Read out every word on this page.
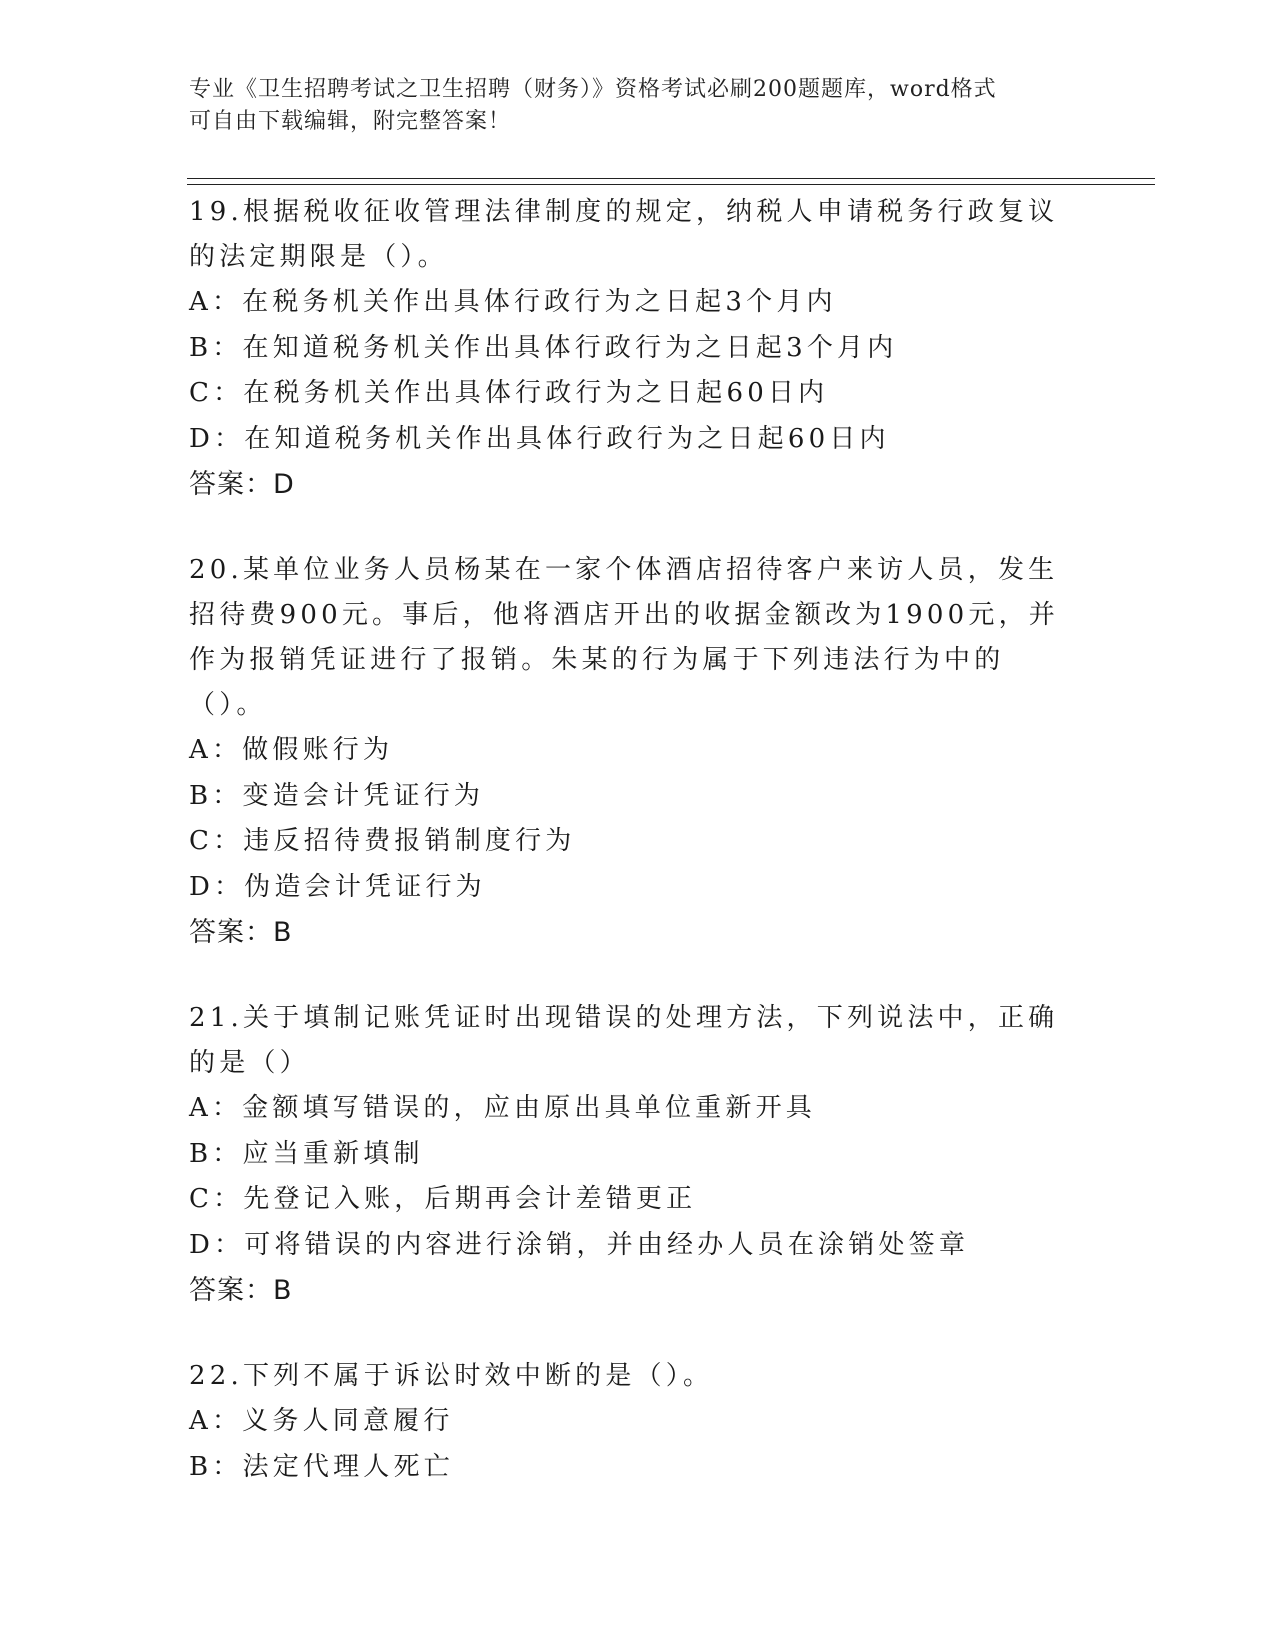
专业《卫生招聘考试之卫生招聘（财务）》资格考试必刷200题题库，word格式
可自由下载编辑，附完整答案！

19.根据税收征收管理法律制度的规定，纳税人申请税务行政复议的法定期限是（）。

A：在税务机关作出具体行政行为之日起3个月内

B：在知道税务机关作出具体行政行为之日起3个月内

C：在税务机关作出具体行政行为之日起60日内

D：在知道税务机关作出具体行政行为之日起60日内

答案：D

20.某单位业务人员杨某在一家个体酒店招待客户来访人员，发生招待费900元。事后，他将酒店开出的收据金额改为1900元，并作为报销凭证进行了报销。朱某的行为属于下列违法行为中的（）。

A：做假账行为

B：变造会计凭证行为

C：违反招待费报销制度行为

D：伪造会计凭证行为

答案：B

21.关于填制记账凭证时出现错误的处理方法，下列说法中，正确的是（）

A：金额填写错误的，应由原出具单位重新开具

B：应当重新填制

C：先登记入账，后期再会计差错更正

D：可将错误的内容进行涂销，并由经办人员在涂销处签章

答案：B

22.下列不属于诉讼时效中断的是（）。

A：义务人同意履行

B：法定代理人死亡
